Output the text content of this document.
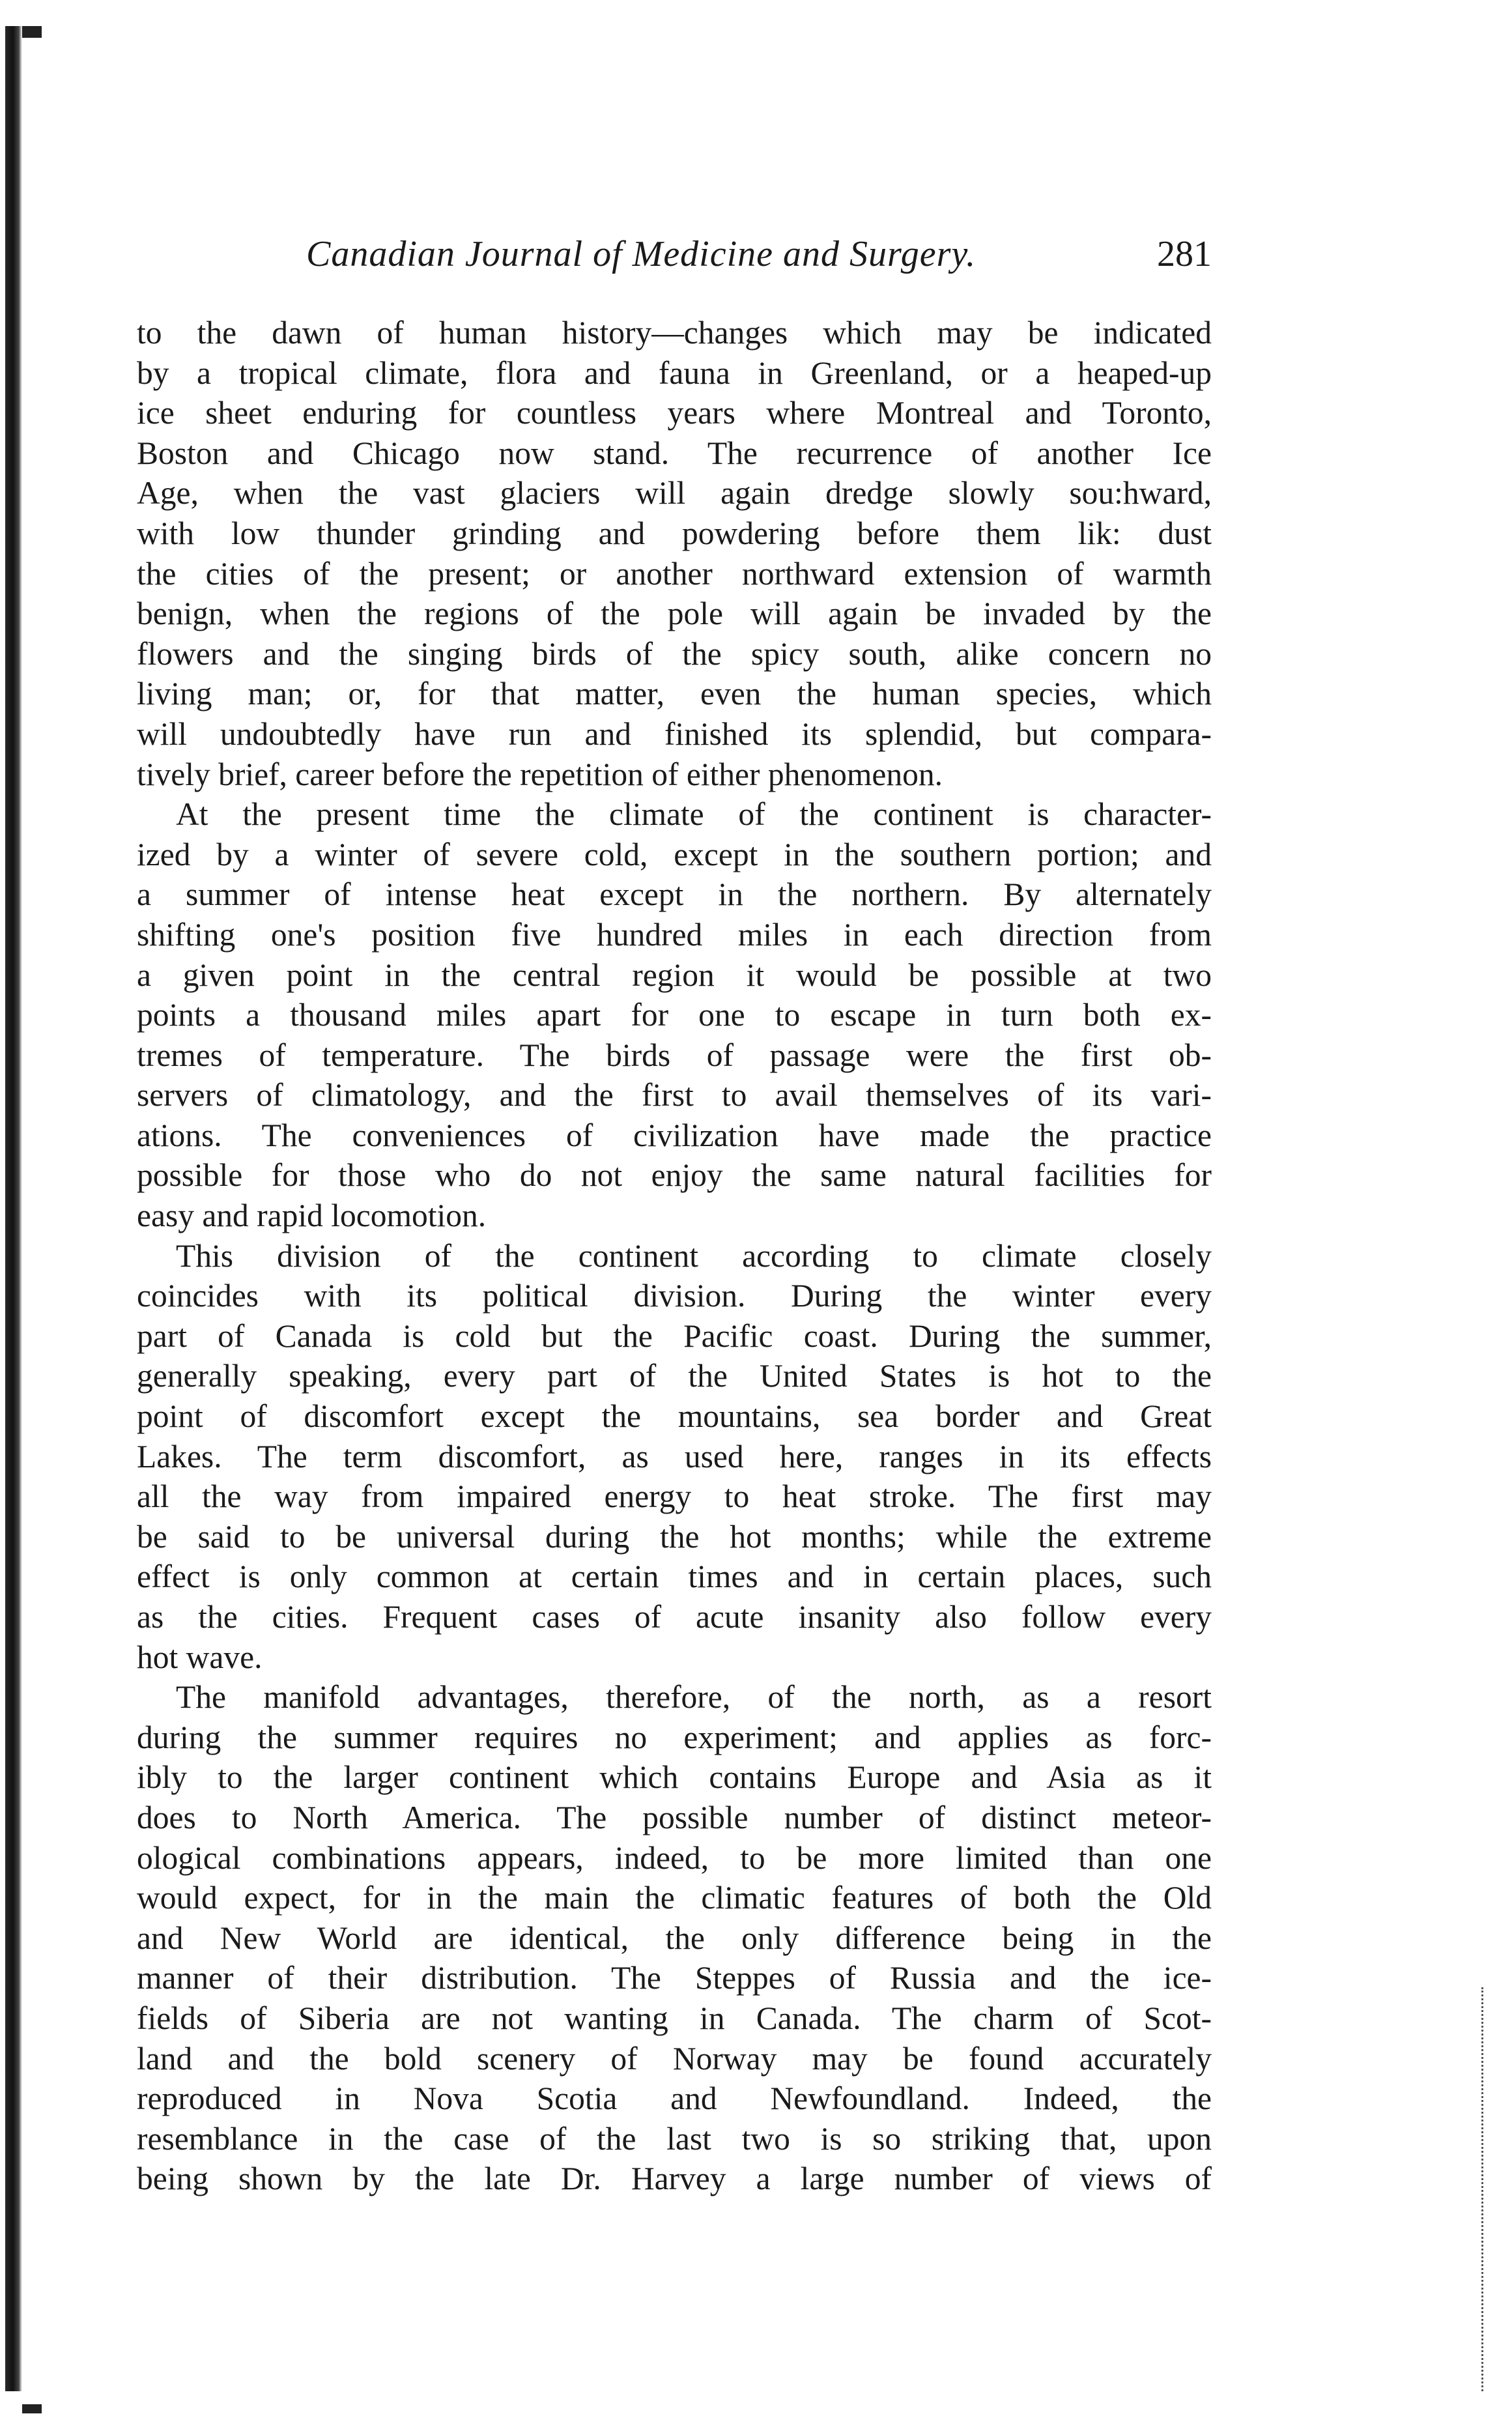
Canadian Journal of Medicine and Surgery.	281
to the dawn of human history—changes which may be indicated
by a tropical climate, flora and fauna in Greenland, or a heaped-up
ice sheet enduring for countless years where Montreal and Toronto,
Boston and Chicago now stand. The recurrence of another Ice
Age, when the vast glaciers will again dredge slowly sou:hward,
with low thunder grinding and powdering before them lik: dust
the cities of the present; or another northward extension of warmth
benign, when the regions of the pole will again be invaded by the
flowers and the singing birds of the spicy south, alike concern no
living man; or, for that matter, even the human species, which
will undoubtedly have run and finished its splendid, but compara-
tively brief, career before the repetition of either phenomenon.
At the present time the climate of the continent is character-
ized by a winter of severe cold, except in the southern portion; and
a summer of intense heat except in the northern. By alternately
shifting one's position five hundred miles in each direction from
a given point in the central region it would be possible at two
points a thousand miles apart for one to escape in turn both ex-
tremes of temperature. The birds of passage were the first ob-
servers of climatology, and the first to avail themselves of its vari-
ations. The conveniences of civilization have made the practice
possible for those who do not enjoy the same natural facilities for
easy and rapid locomotion.
This division of the continent according to climate closely
coincides with its political division. During the winter every
part of Canada is cold but the Pacific coast. During the summer,
generally speaking, every part of the United States is hot to the
point of discomfort except the mountains, sea border and Great
Lakes. The term discomfort, as used here, ranges in its effects
all the way from impaired energy to heat stroke. The first may
be said to be universal during the hot months; while the extreme
effect is only common at certain times and in certain places, such
as the cities. Frequent cases of acute insanity also follow every
hot wave.
The manifold advantages, therefore, of the north, as a resort
during the summer requires no experiment; and applies as forc-
ibly to the larger continent which contains Europe and Asia as it
does to North America. The possible number of distinct meteor-
ological combinations appears, indeed, to be more limited than one
would expect, for in the main the climatic features of both the Old
and New World are identical, the only difference being in the
manner of their distribution. The Steppes of Russia and the ice-
fields of Siberia are not wanting in Canada. The charm of Scot-
land and the bold scenery of Norway may be found accurately
reproduced in Nova Scotia and Newfoundland. Indeed, the
resemblance in the case of the last two is so striking that, upon
being shown by the late Dr. Harvey a large number of views of
